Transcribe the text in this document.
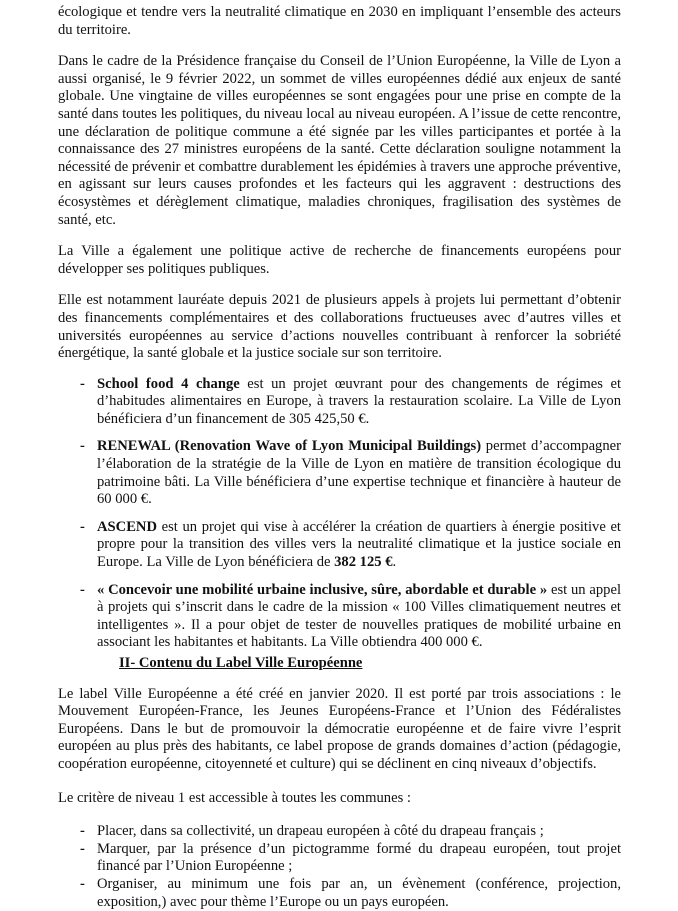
écologique et tendre vers la neutralité climatique en 2030 en impliquant l’ensemble des acteurs du territoire.

Dans le cadre de la Présidence française du Conseil de l’Union Européenne, la Ville de Lyon a aussi organisé, le 9 février 2022, un sommet de villes européennes dédié aux enjeux de santé globale. Une vingtaine de villes européennes se sont engagées pour une prise en compte de la santé dans toutes les politiques, du niveau local au niveau européen. A l’issue de cette rencontre, une déclaration de politique commune a été signée par les villes participantes et portée à la connaissance des 27 ministres européens de la santé. Cette déclaration souligne notamment la nécessité de prévenir et combattre durablement les épidémies à travers une approche préventive, en agissant sur leurs causes profondes et les facteurs qui les aggravent : destructions des écosystèmes et dérèglement climatique, maladies chroniques, fragilisation des systèmes de santé, etc.

La Ville a également une politique active de recherche de financements européens pour développer ses politiques publiques.

Elle est notamment lauréate depuis 2021 de plusieurs appels à projets lui permettant d’obtenir des financements complémentaires et des collaborations fructueuses avec d’autres villes et universités européennes au service d’actions nouvelles contribuant à renforcer la sobriété énergétique, la santé globale et la justice sociale sur son territoire.

- School food 4 change est un projet œuvrant pour des changements de régimes et d’habitudes alimentaires en Europe, à travers la restauration scolaire. La Ville de Lyon bénéficiera d’un financement de 305 425,50 €.
- RENEWAL (Renovation Wave of Lyon Municipal Buildings) permet d’accompagner l’élaboration de la stratégie de la Ville de Lyon en matière de transition écologique du patrimoine bâti. La Ville bénéficiera d’une expertise technique et financière à hauteur de 60 000 €.
- ASCEND est un projet qui vise à accélérer la création de quartiers à énergie positive et propre pour la transition des villes vers la neutralité climatique et la justice sociale en Europe. La Ville de Lyon bénéficiera de 382 125 €.
- « Concevoir une mobilité urbaine inclusive, sûre, abordable et durable » est un appel à projets qui s’inscrit dans le cadre de la mission « 100 Villes climatiquement neutres et intelligentes ». Il a pour objet de tester de nouvelles pratiques de mobilité urbaine en associant les habitantes et habitants. La Ville obtiendra 400 000 €.

II- Contenu du Label Ville Européenne

Le label Ville Européenne a été créé en janvier 2020. Il est porté par trois associations : le Mouvement Européen-France, les Jeunes Européens-France et l’Union des Fédéralistes Européens. Dans le but de promouvoir la démocratie européenne et de faire vivre l’esprit européen au plus près des habitants, ce label propose de grands domaines d’action (pédagogie, coopération européenne, citoyenneté et culture) qui se déclinent en cinq niveaux d’objectifs.

Le critère de niveau 1 est accessible à toutes les communes :

- Placer, dans sa collectivité, un drapeau européen à côté du drapeau français ;
- Marquer, par la présence d’un pictogramme formé du drapeau européen, tout projet financé par l’Union Européenne ;
- Organiser, au minimum une fois par an, un évènement (conférence, projection, exposition,) avec pour thème l’Europe ou un pays européen.
